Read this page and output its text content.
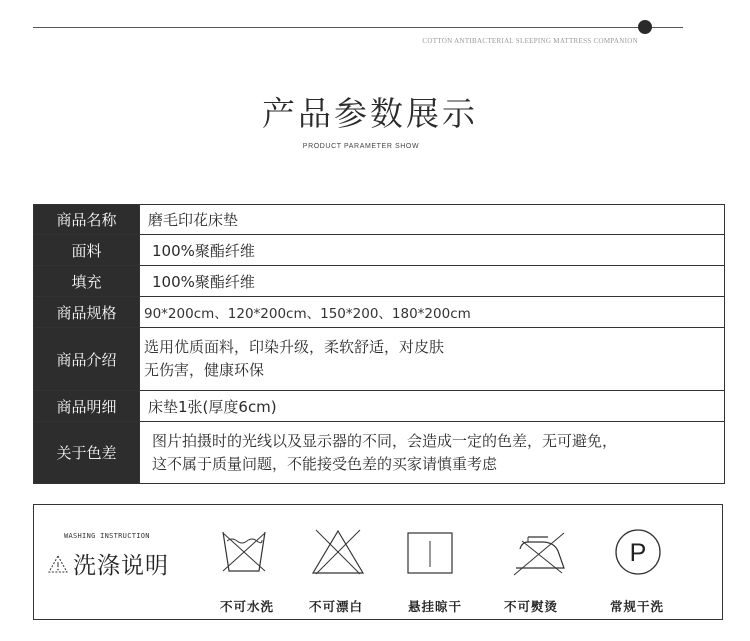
COTTON ANTIBACTERIAL SLEEPING MATTRESS COMPANION
产品参数展示
PRODUCT PARAMETER SHOW
商品名称	磨毛印花床垫
面料	100%聚酯纤维
填充	100%聚酯纤维
商品规格	90*200cm、120*200cm、150*200、180*200cm
商品介绍	选用优质面料，印染升级，柔软舒适，对皮肤
无伤害，健康环保

商品明细	床垫1张(厚度6cm)
关于色差	图片拍摄时的光线以及显示器的不同，会造成一定的色差，无可避免，
这不属于质量问题，不能接受色差的买家请慎重考虑
WASHING INSTRUCTION
洗涤说明
不可水洗	不可漂白	悬挂晾干	不可熨烫
P
常规干洗
